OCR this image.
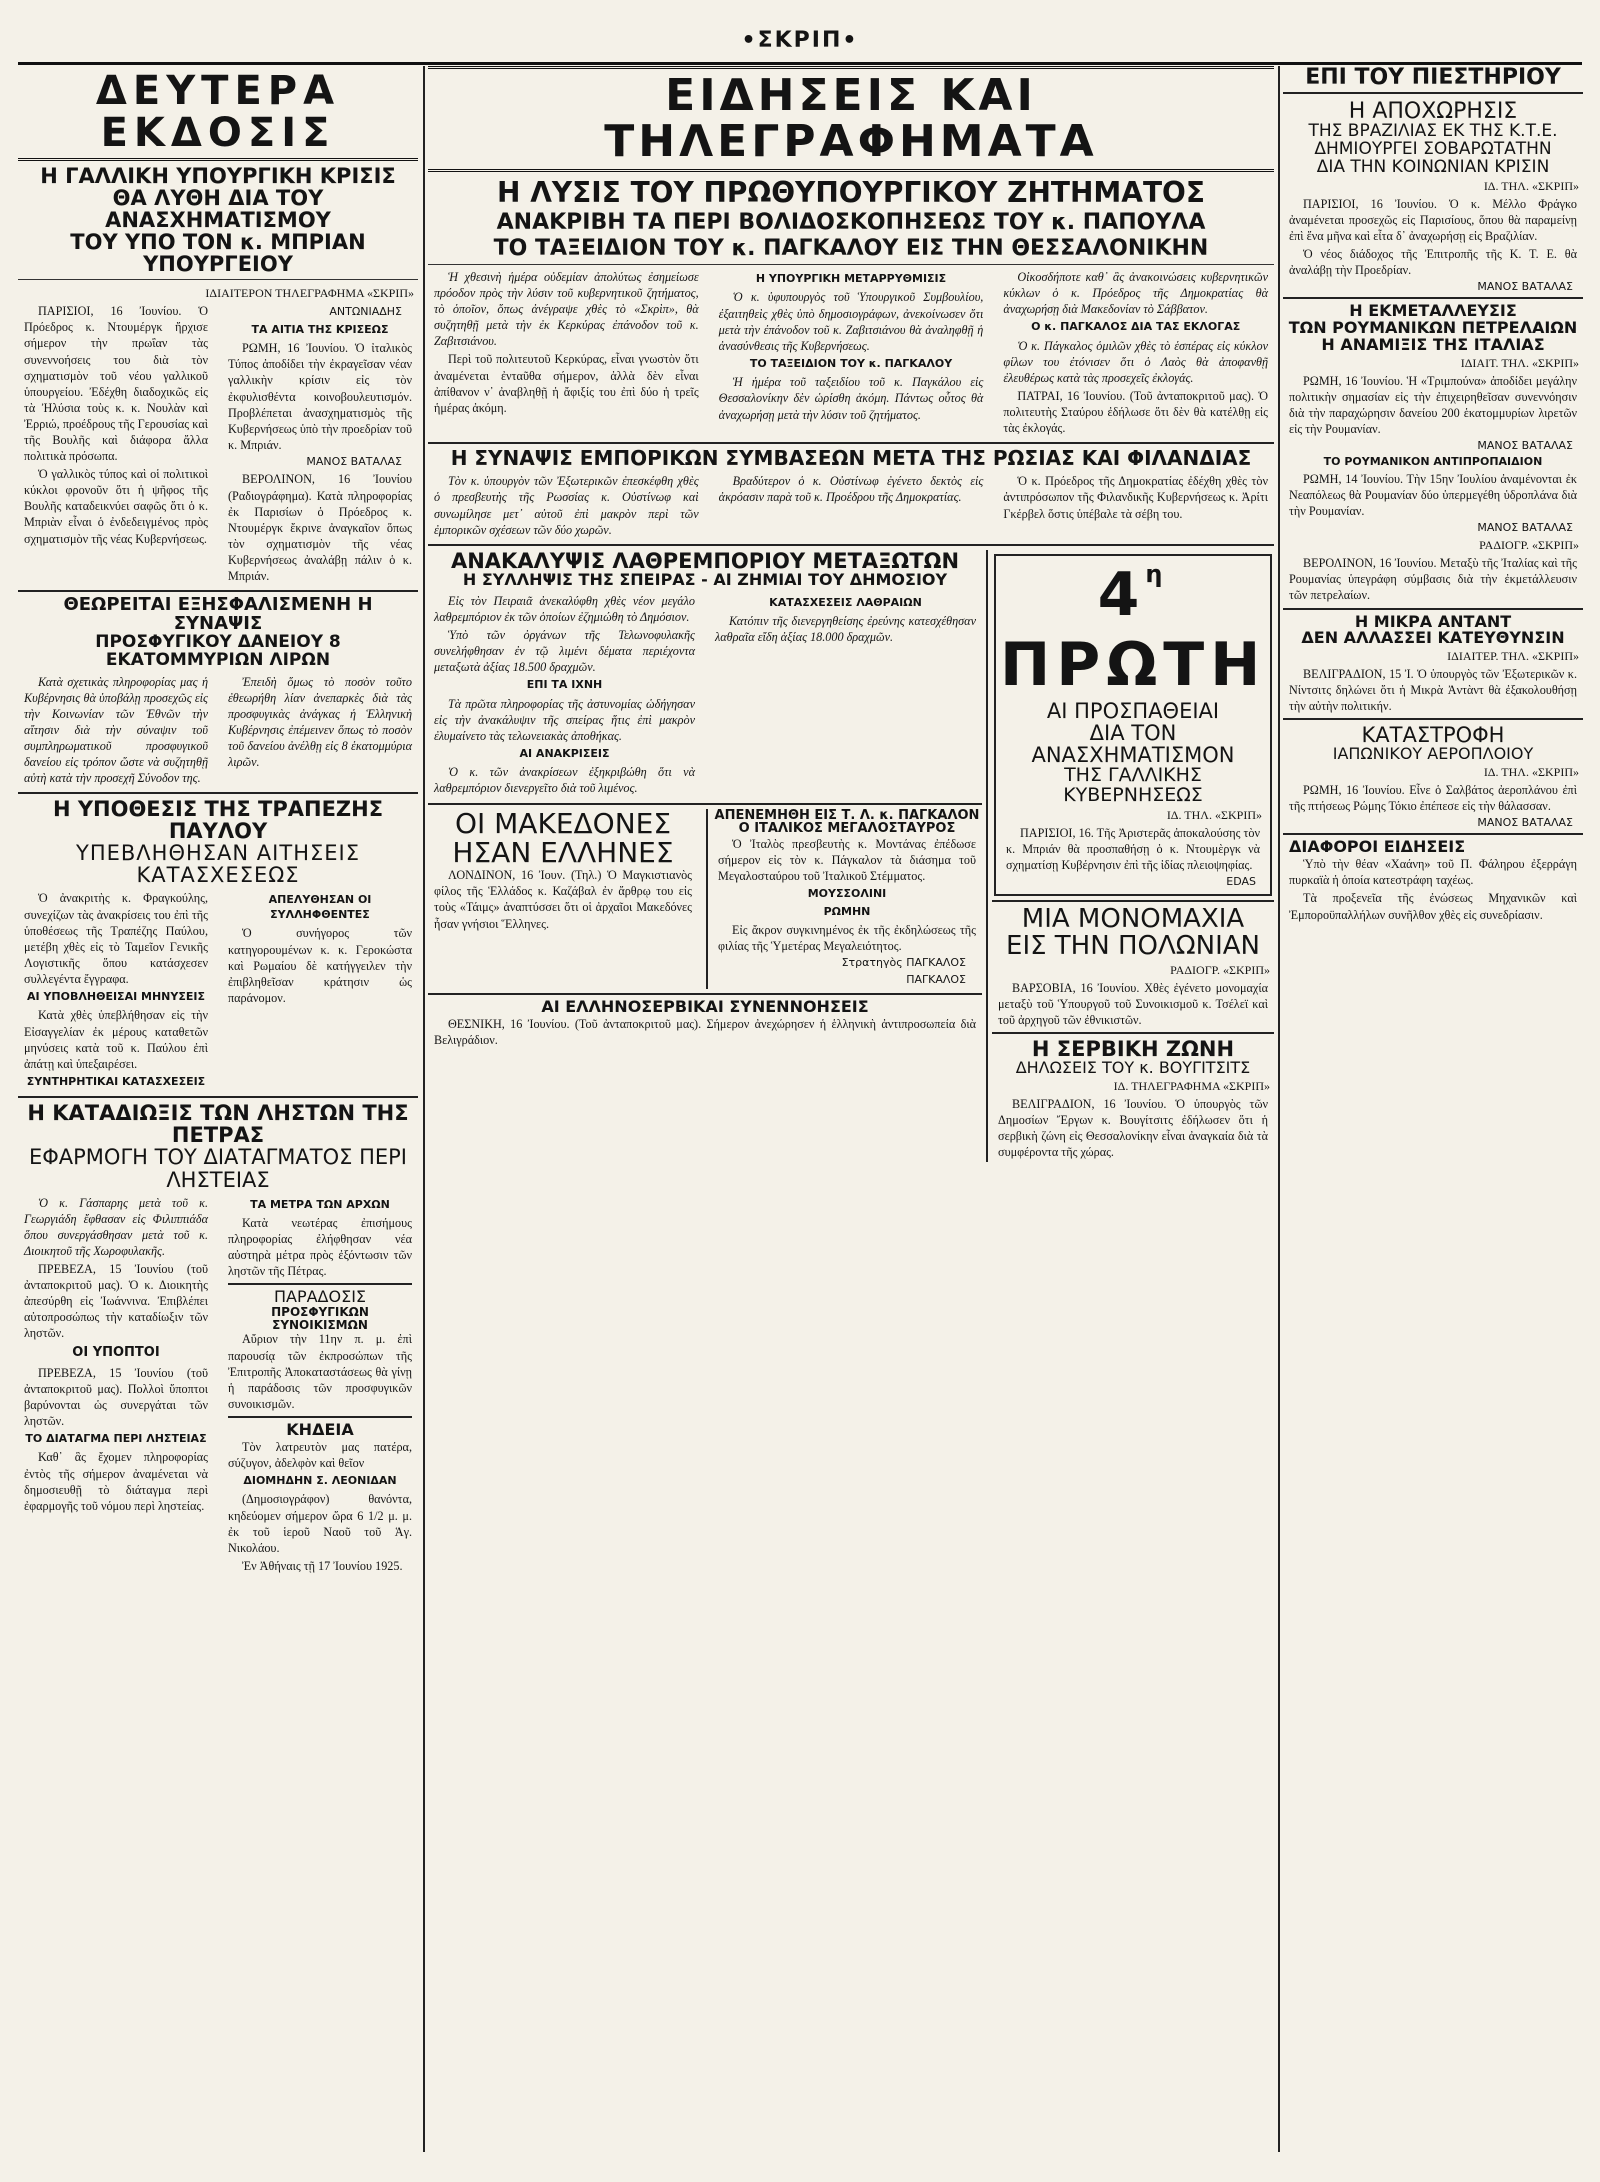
•ΣΚΡΙΠ•
ΔΕΥΤΕΡΑ ΕΚΔΟΣΙΣ
Η ΓΑΛΛΙΚΗ ΥΠΟΥΡΓΙΚΗ ΚΡΙΣΙΣ
ΘΑ ΛΥΘΗ ΔΙΑ ΤΟΥ ΑΝΑΣΧΗΜΑΤΙΣΜΟΥ
ΤΟΥ ΥΠΟ ΤΟΝ κ. ΜΠΡΙΑΝ ΥΠΟΥΡΓΕΙΟΥ
ΙΔΙΑΙΤΕΡΟΝ ΤΗΛΕΓΡΑΦΗΜΑ «ΣΚΡΙΠ»

ΠΑΡΙΣΙΟΙ, 16 Ἰουνίου. Ὁ Πρόεδρος κ. Ντουμέργκ ἤρχισε σήμερον τὴν πρωΐαν τὰς συνεννοήσεις του διὰ τὸν σχηματισμὸν τοῦ νέου γαλλικοῦ ὑπουργείου. Ἐδέχθη διαδοχικῶς εἰς τὰ Ἠλύσια τοὺς κ. κ. Νουλὰν καὶ Ἐρριώ, προέδρους τῆς Γερουσίας καὶ τῆς Βουλῆς καὶ διάφορα ἄλλα πολιτικὰ πρόσωπα.

Ὁ γαλλικὸς τύπος καὶ οἱ πολιτικοὶ κύκλοι φρονοῦν ὅτι ἡ ψῆφος τῆς Βουλῆς καταδεικνύει σαφῶς ὅτι ὁ κ. Μπριὰν εἶναι ὁ ἐνδεδειγμένος πρὸς σχηματισμὸν τῆς νέας Κυβερνήσεως.

ΑΝΤΩΝΙΑΔΗΣ
ΤΑ ΑΙΤΙΑ ΤΗΣ ΚΡΙΣΕΩΣ

ΡΩΜΗ, 16 Ἰουνίου. Ὁ ἰταλικὸς Τύπος ἀποδίδει τὴν ἐκραγεῖσαν νέαν γαλλικὴν κρίσιν εἰς τὸν ἐκφυλισθέντα κοινοβουλευτισμόν. Προβλέπεται ἀνασχηματισμὸς τῆς Κυβερνήσεως ὑπὸ τὴν προεδρίαν τοῦ κ. Μπριάν.

ΜΑΝΟΣ ΒΑΤΑΛΑΣ

ΒΕΡΟΛΙΝΟΝ, 16 Ἰουνίου (Ραδιογράφημα). Κατὰ πληροφορίας ἐκ Παρισίων ὁ Πρόεδρος κ. Ντουμέργκ ἔκρινε ἀναγκαῖον ὅπως τὸν σχηματισμὸν τῆς νέας Κυβερνήσεως ἀναλάβῃ πάλιν ὁ κ. Μπριάν.

ΘΕΩΡΕΙΤΑΙ ΕΞΗΣΦΑΛΙΣΜΕΝΗ Η ΣΥΝΑΨΙΣ
ΠΡΟΣΦΥΓΙΚΟΥ ΔΑΝΕΙΟΥ 8 ΕΚΑΤΟΜΜΥΡΙΩΝ ΛΙΡΩΝ

Κατὰ σχετικὰς πληροφορίας μας ἡ Κυβέρνησις θὰ ὑποβάλῃ προσεχῶς εἰς τὴν Κοινωνίαν τῶν Ἐθνῶν τὴν αἴτησιν διὰ τὴν σύναψιν τοῦ συμπληρωματικοῦ προσφυγικοῦ δανείου εἰς τρόπον ὥστε νὰ συζητηθῇ αὐτὴ κατὰ τὴν προσεχῆ Σύνοδον της.

Ἐπειδὴ ὅμως τὸ ποσὸν τοῦτο ἐθεωρήθη λίαν ἀνεπαρκὲς διὰ τὰς προσφυγικὰς ἀνάγκας ἡ Ἑλληνικὴ Κυβέρνησις ἐπέμεινεν ὅπως τὸ ποσὸν τοῦ δανείου ἀνέλθῃ εἰς 8 ἑκατομμύρια λιρῶν.

Η ΥΠΟΘΕΣΙΣ ΤΗΣ ΤΡΑΠΕΖΗΣ ΠΑΥΛΟΥ
ΥΠΕΒΛΗΘΗΣΑΝ ΑΙΤΗΣΕΙΣ ΚΑΤΑΣΧΕΣΕΩΣ

Ὁ ἀνακριτὴς κ. Φραγκούλης, συνεχίζων τὰς ἀνακρίσεις του ἐπὶ τῆς ὑποθέσεως τῆς Τραπέζης Παύλου, μετέβη χθὲς εἰς τὸ Ταμεῖον Γενικῆς Λογιστικῆς ὅπου κατάσχεσεν συλλεγέντα ἔγγραφα.

ΑΙ ΥΠΟΒΛΗΘΕΙΣΑΙ ΜΗΝΥΣΕΙΣ

Κατὰ χθὲς ὑπεβλήθησαν εἰς τὴν Εἰσαγγελίαν ἐκ μέρους καταθετῶν μηνύσεις κατὰ τοῦ κ. Παύλου ἐπὶ ἀπάτῃ καὶ ὑπεξαιρέσει.

ΣΥΝΤΗΡΗΤΙΚΑΙ ΚΑΤΑΣΧΕΣΕΙΣ
ΑΠΕΛΥΘΗΣΑΝ ΟΙ ΣΥΛΛΗΦΘΕΝΤΕΣ

Ὁ συνήγορος τῶν κατηγορουμένων κ. κ. Γεροκώστα καὶ Ρωμαίου δὲ κατήγγειλεν τὴν ἐπιβληθεῖσαν κράτησιν ὡς παράνομον.

Η ΚΑΤΑΔΙΩΞΙΣ ΤΩΝ ΛΗΣΤΩΝ ΤΗΣ ΠΕΤΡΑΣ
ΕΦΑΡΜΟΓΗ ΤΟΥ ΔΙΑΤΑΓΜΑΤΟΣ ΠΕΡΙ ΛΗΣΤΕΙΑΣ

Ὁ κ. Γάσπαρης μετὰ τοῦ κ. Γεωργιάδη ἔφθασαν εἰς Φιλιππιάδα ὅπου συνεργάσθησαν μετὰ τοῦ κ. Διοικητοῦ τῆς Χωροφυλακῆς.

ΠΡΕΒΕΖΑ, 15 Ἰουνίου (τοῦ ἀνταποκριτοῦ μας). Ὁ κ. Διοικητὴς ἀπεσύρθη εἰς Ἰωάννινα. Ἐπιβλέπει αὐτοπροσώπως τὴν καταδίωξιν τῶν ληστῶν.

ΟΙ ΥΠΟΠΤΟΙ

ΠΡΕΒΕΖΑ, 15 Ἰουνίου (τοῦ ἀνταποκριτοῦ μας). Πολλοὶ ὕποπτοι βαρύνονται ὡς συνεργάται τῶν ληστῶν.

ΤΟ ΔΙΑΤΑΓΜΑ ΠΕΡΙ ΛΗΣΤΕΙΑΣ

Καθ᾽ ἃς ἔχομεν πληροφορίας ἐντὸς τῆς σήμερον ἀναμένεται νὰ δημοσιευθῇ τὸ διάταγμα περὶ ἐφαρμογῆς τοῦ νόμου περὶ ληστείας.

ΤΑ ΜΕΤΡΑ ΤΩΝ ΑΡΧΩΝ

Κατὰ νεωτέρας ἐπισήμους πληροφορίας ἐλήφθησαν νέα αὐστηρὰ μέτρα πρὸς ἐξόντωσιν τῶν ληστῶν τῆς Πέτρας.

ΠΑΡΑΔΟΣΙΣ
ΠΡΟΣΦΥΓΙΚΩΝ ΣΥΝΟΙΚΙΣΜΩΝ

Αὔριον τὴν 11ην π. μ. ἐπὶ παρουσίᾳ τῶν ἐκπροσώπων τῆς Ἐπιτροπῆς Ἀποκαταστάσεως θὰ γίνῃ ἡ παράδοσις τῶν προσφυγικῶν συνοικισμῶν.

ΚΗΔΕΙΑ

Τὸν λατρευτὸν μας πατέρα, σύζυγον, ἀδελφὸν καὶ θεῖον

ΔΙΟΜΗΔΗΝ Σ. ΛΕΟΝΙΔΑΝ

(Δημοσιογράφον) θανόντα, κηδεύομεν σήμερον ὥρα 6 1/2 μ. μ. ἐκ τοῦ ἱεροῦ Ναοῦ τοῦ Ἁγ. Νικολάου.

Ἐν Ἀθήναις τῇ 17 Ἰουνίου 1925.

ΕΙΔΗΣΕΙΣ ΚΑΙ ΤΗΛΕΓΡΑΦΗΜΑΤΑ
Η ΛΥΣΙΣ ΤΟΥ ΠΡΩΘΥΠΟΥΡΓΙΚΟΥ ΖΗΤΗΜΑΤΟΣ
ΑΝΑΚΡΙΒΗ ΤΑ ΠΕΡΙ ΒΟΛΙΔΟΣΚΟΠΗΣΕΩΣ ΤΟΥ κ. ΠΑΠΟΥΛΑ
ΤΟ ΤΑΞΕΙΔΙΟΝ ΤΟΥ κ. ΠΑΓΚΑΛΟΥ ΕΙΣ ΤΗΝ ΘΕΣΣΑΛΟΝΙΚΗΝ

Ἡ χθεσινὴ ἡμέρα οὐδεμίαν ἀπολύτως ἐσημείωσε πρόοδον πρὸς τὴν λύσιν τοῦ κυβερνητικοῦ ζητήματος, τὸ ὁποῖον, ὅπως ἀνέγραψε χθὲς τὸ «Σκρὶπ», θὰ συζητηθῇ μετὰ τὴν ἐκ Κερκύρας ἐπάνοδον τοῦ κ. Ζαβιτσιάνου.

Περὶ τοῦ πολιτευτοῦ Κερκύρας, εἶναι γνωστὸν ὅτι ἀναμένεται ἐνταῦθα σήμερον, ἀλλὰ δὲν εἶναι ἀπίθανον ν᾽ ἀναβληθῇ ἡ ἄφιξίς του ἐπὶ δύο ἡ τρεῖς ἡμέρας ἀκόμη.

Η ΥΠΟΥΡΓΙΚΗ ΜΕΤΑΡΡΥΘΜΙΣΙΣ

Ὁ κ. ὑφυπουργὸς τοῦ Ὑπουργικοῦ Συμβουλίου, ἐξαιτηθεὶς χθὲς ὑπὸ δημοσιογράφων, ἀνεκοίνωσεν ὅτι μετὰ τὴν ἐπάνοδον τοῦ κ. Ζαβιτσιάνου θὰ ἀναληφθῇ ἡ ἀνασύνθεσις τῆς Κυβερνήσεως.

ΤΟ ΤΑΞΕΙΔΙΟΝ ΤΟΥ κ. ΠΑΓΚΑΛΟΥ

Ἡ ἡμέρα τοῦ ταξειδίου τοῦ κ. Παγκάλου εἰς Θεσσαλονίκην δὲν ὡρίσθη ἀκόμη. Πάντως οὗτος θὰ ἀναχωρήσῃ μετὰ τὴν λύσιν τοῦ ζητήματος.

Οἰκοσδήποτε καθ᾽ ἃς ἀνακοινώσεις κυβερνητικῶν κύκλων ὁ κ. Πρόεδρος τῆς Δημοκρατίας θὰ ἀναχωρήσῃ διὰ Μακεδονίαν τὸ Σάββατον.

Ο κ. ΠΑΓΚΑΛΟΣ ΔΙΑ ΤΑΣ ΕΚΛΟΓΑΣ

Ὁ κ. Πάγκαλος ὁμιλῶν χθὲς τὸ ἑσπέρας εἰς κύκλον φίλων του ἐτόνισεν ὅτι ὁ Λαὸς θὰ ἀποφανθῇ ἐλευθέρως κατὰ τὰς προσεχεῖς ἐκλογάς.

ΠΑΤΡΑΙ, 16 Ἰουνίου. (Τοῦ ἀνταποκριτοῦ μας). Ὁ πολιτευτὴς Σταύρου ἐδήλωσε ὅτι δὲν θὰ κατέλθῃ εἰς τὰς ἐκλογάς.

Η ΣΥΝΑΨΙΣ ΕΜΠΟΡΙΚΩΝ ΣΥΜΒΑΣΕΩΝ ΜΕΤΑ ΤΗΣ ΡΩΣΙΑΣ ΚΑΙ ΦΙΛΑΝΔΙΑΣ

Τὸν κ. ὑπουργὸν τῶν Ἐξωτερικῶν ἐπεσκέφθη χθὲς ὁ πρεσβευτὴς τῆς Ρωσσίας κ. Οὐστίνωφ καὶ συνωμίλησε μετ᾽ αὐτοῦ ἐπὶ μακρὸν περὶ τῶν ἐμπορικῶν σχέσεων τῶν δύο χωρῶν.

Βραδύτερον ὁ κ. Οὐστίνωφ ἐγένετο δεκτὸς εἰς ἀκρόασιν παρὰ τοῦ κ. Προέδρου τῆς Δημοκρατίας.

Ὁ κ. Πρόεδρος τῆς Δημοκρατίας ἐδέχθη χθὲς τὸν ἀντιπρόσωπον τῆς Φιλανδικῆς Κυβερνήσεως κ. Ἀρίτι Γκέρβελ ὅστις ὑπέβαλε τὰ σέβη του.

ΑΝΑΚΑΛΥΨΙΣ ΛΑΘΡΕΜΠΟΡΙΟΥ ΜΕΤΑΞΩΤΩΝ
Η ΣΥΛΛΗΨΙΣ ΤΗΣ ΣΠΕΙΡΑΣ - ΑΙ ΖΗΜΙΑΙ ΤΟΥ ΔΗΜΟΣΙΟΥ

Εἰς τὸν Πειραιᾶ ἀνεκαλύφθη χθὲς νέον μεγάλο λαθρεμπόριον ἐκ τῶν ὁποίων ἐζημιώθη τὸ Δημόσιον.

Ὑπὸ τῶν ὀργάνων τῆς Τελωνοφυλακῆς συνελήφθησαν ἐν τῷ λιμένι δέματα περιέχοντα μεταξωτὰ ἀξίας 18.500 δραχμῶν.

ΕΠΙ ΤΑ ΙΧΝΗ

Τὰ πρῶτα πληροφορίας τῆς ἀστυνομίας ὡδήγησαν εἰς τὴν ἀνακάλυψιν τῆς σπείρας ἥτις ἐπὶ μακρὸν ἐλυμαίνετο τὰς τελωνειακὰς ἀποθήκας.

ΑΙ ΑΝΑΚΡΙΣΕΙΣ

Ὁ κ. τῶν ἀνακρίσεων ἐξηκριβώθη ὅτι νὰ λαθρεμπόριον διενεργεῖτο διὰ τοῦ λιμένος.

ΚΑΤΑΣΧΕΣΕΙΣ ΛΑΘΡΑΙΩΝ

Κατόπιν τῆς διενεργηθείσης ἐρεύνης κατεσχέθησαν λαθραῖα εἴδη ἀξίας 18.000 δραχμῶν.

ΟΙ ΜΑΚΕΔΟΝΕΣ
ΗΣΑΝ ΕΛΛΗΝΕΣ

ΛΟΝΔΙΝΟΝ, 16 Ἰουν. (Τηλ.) Ὁ Μαγκιστιανὸς φίλος τῆς Ἑλλάδος κ. Καζάβαλ ἐν ἄρθρῳ του εἰς τοὺς «Τάιμς» ἀναπτύσσει ὅτι οἱ ἀρχαῖοι Μακεδόνες ἦσαν γνήσιοι Ἕλληνες.

ΑΠΕΝΕΜΗΘΗ ΕΙΣ Τ. Λ. κ. ΠΑΓΚΑΛΟΝ
Ο ΙΤΑΛΙΚΟΣ ΜΕΓΑΛΟΣΤΑΥΡΟΣ

Ὁ Ἰταλὸς πρεσβευτὴς κ. Μοντάνας ἐπέδωσε σήμερον εἰς τὸν κ. Πάγκαλον τὰ διάσημα τοῦ Μεγαλοσταύρου τοῦ Ἰταλικοῦ Στέμματος.

ΜΟΥΣΣΟΛΙΝΙ
ΡΩΜΗΝ

Εἰς ἄκρον συγκινημένος ἐκ τῆς ἐκδηλώσεως τῆς φιλίας τῆς Ὑμετέρας Μεγαλειότητος.

Στρατηγὸς ΠΑΓΚΑΛΟΣ
ΠΑΓΚΑΛΟΣ
ΑΙ ΕΛΛΗΝΟΣΕΡΒΙΚΑΙ ΣΥΝΕΝΝΟΗΣΕΙΣ

ΘΕΣΝΙΚΗ, 16 Ἰουνίου. (Τοῦ ἀνταποκριτοῦ μας). Σήμερον ἀνεχώρησεν ἡ ἑλληνικὴ ἀντιπροσωπεία διὰ Βελιγράδιον.

$4^\eta$ ΠΡΩΤΗ
ΑΙ ΠΡΟΣΠΑΘΕΙΑΙ
ΔΙΑ ΤΟΝ ΑΝΑΣΧΗΜΑΤΙΣΜΟΝ
ΤΗΣ ΓΑΛΛΙΚΗΣ ΚΥΒΕΡΝΗΣΕΩΣ
ΙΔ. ΤΗΛ. «ΣΚΡΙΠ»

ΠΑΡΙΣΙΟΙ, 16. Τῆς Ἀριστερᾶς ἀποκαλούσης τὸν κ. Μπριάν θὰ προσπαθήσῃ ὁ κ. Ντουμὲργκ νὰ σχηματίσῃ Κυβέρνησιν ἐπὶ τῆς ἰδίας πλειοψηφίας.

EDAS
ΜΙΑ ΜΟΝΟΜΑΧΙΑ
ΕΙΣ ΤΗΝ ΠΟΛΩΝΙΑΝ
ΡΑΔΙΟΓΡ. «ΣΚΡΙΠ»

ΒΑΡΣΟΒΙΑ, 16 Ἰουνίου. Χθὲς ἐγένετο μονομαχία μεταξὺ τοῦ Ὑπουργοῦ τοῦ Συνοικισμοῦ κ. Τσέλεϊ καὶ τοῦ ἀρχηγοῦ τῶν ἐθνικιστῶν.

Η ΣΕΡΒΙΚΗ ΖΩΝΗ
ΔΗΛΩΣΕΙΣ ΤΟΥ κ. ΒΟΥΓΙΤΣΙΤΣ
ΙΔ. ΤΗΛΕΓΡΑΦΗΜΑ «ΣΚΡΙΠ»

ΒΕΛΙΓΡΑΔΙΟΝ, 16 Ἰουνίου. Ὁ ὑπουργὸς τῶν Δημοσίων Ἔργων κ. Βουγίτσιτς ἐδήλωσεν ὅτι ἡ σερβικὴ ζώνη εἰς Θεσσαλονίκην εἶναι ἀναγκαία διὰ τὰ συμφέροντα τῆς χώρας.

ΕΠΙ ΤΟΥ ΠΙΕΣΤΗΡΙΟΥ
Η ΑΠΟΧΩΡΗΣΙΣ
ΤΗΣ ΒΡΑΖΙΛΙΑΣ ΕΚ ΤΗΣ Κ.Τ.Ε.
ΔΗΜΙΟΥΡΓΕΙ ΣΟΒΑΡΩΤΑΤΗΝ
ΔΙΑ ΤΗΝ ΚΟΙΝΩΝΙΑΝ ΚΡΙΣΙΝ
ΙΔ. ΤΗΛ. «ΣΚΡΙΠ»

ΠΑΡΙΣΙΟΙ, 16 Ἰουνίου. Ὁ κ. Μέλλο Φράγκο ἀναμένεται προσεχῶς εἰς Παρισίους, ὅπου θὰ παραμείνῃ ἐπὶ ἕνα μῆνα καὶ εἶτα δ᾽ ἀναχωρήσῃ εἰς Βραζιλίαν.

Ὁ νέος διάδοχος τῆς Ἐπιτροπῆς τῆς Κ. Τ. Ε. θὰ ἀναλάβῃ τὴν Προεδρίαν.

ΜΑΝΟΣ ΒΑΤΑΛΑΣ
Η ΕΚΜΕΤΑΛΛΕΥΣΙΣ
ΤΩΝ ΡΟΥΜΑΝΙΚΩΝ ΠΕΤΡΕΛΑΙΩΝ
Η ΑΝΑΜΙΞΙΣ ΤΗΣ ΙΤΑΛΙΑΣ
ΙΔΙΑΙΤ. ΤΗΛ. «ΣΚΡΙΠ»

ΡΩΜΗ, 16 Ἰουνίου. Ἡ «Τριμπούνα» ἀποδίδει μεγάλην πολιτικὴν σημασίαν εἰς τὴν ἐπιχειρηθεῖσαν συνεννόησιν διὰ τὴν παραχώρησιν δανείου 200 ἑκατομμυρίων λιρετῶν εἰς τὴν Ρουμανίαν.

ΜΑΝΟΣ ΒΑΤΑΛΑΣ
ΤΟ ΡΟΥΜΑΝΙΚΟΝ ΑΝΤΙΠΡΟΠΑΙΔΙΟΝ

ΡΩΜΗ, 14 Ἰουνίου. Τὴν 15ην Ἰουλίου ἀναμένονται ἐκ Νεαπόλεως θὰ Ρουμανίαν δύο ὑπερμεγέθη ὑδροπλάνα διὰ τὴν Ρουμανίαν.

ΜΑΝΟΣ ΒΑΤΑΛΑΣ
ΡΑΔΙΟΓΡ. «ΣΚΡΙΠ»

ΒΕΡΟΛΙΝΟΝ, 16 Ἰουνίου. Μεταξὺ τῆς Ἰταλίας καὶ τῆς Ρουμανίας ὑπεγράφη σύμβασις διὰ τὴν ἐκμετάλλευσιν τῶν πετρελαίων.

Η ΜΙΚΡΑ ΑΝΤΑΝΤ
ΔΕΝ ΑΛΛΑΣΣΕΙ ΚΑΤΕΥΘΥΝΣΙΝ
ΙΔΙΑΙΤΕΡ. ΤΗΛ. «ΣΚΡΙΠ»

ΒΕΛΙΓΡΑΔΙΟΝ, 15 Ἰ. Ὁ ὑπουργὸς τῶν Ἐξωτερικῶν κ. Νίντσιτς δηλώνει ὅτι ἡ Μικρὰ Ἀντὰντ θὰ ἐξακολουθήσῃ τὴν αὐτὴν πολιτικήν.

ΚΑΤΑΣΤΡΟΦΗ
ΙΑΠΩΝΙΚΟΥ ΑΕΡΟΠΛΟΙΟΥ
ΙΔ. ΤΗΛ. «ΣΚΡΙΠ»

ΡΩΜΗ, 16 Ἰουνίου. Εἶνε ὁ Σαλβάτος ἀεροπλάνου ἐπὶ τῆς πτήσεως Ρώμης Τόκιο ἐπέπεσε εἰς τὴν θάλασσαν.

ΜΑΝΟΣ ΒΑΤΑΛΑΣ
ΔΙΑΦΟΡΟΙ ΕΙΔΗΣΕΙΣ

Ὑπὸ τὴν θέαν «Χαάνη» τοῦ Π. Φάληρου ἐξερράγη πυρκαϊὰ ἡ ὁποία κατεστράφη ταχέως.

Τὰ προξενεῖα τῆς ἐνώσεως Μηχανικῶν καὶ Ἐμποροϋπαλλήλων συνῆλθον χθὲς εἰς συνεδρίασιν.
